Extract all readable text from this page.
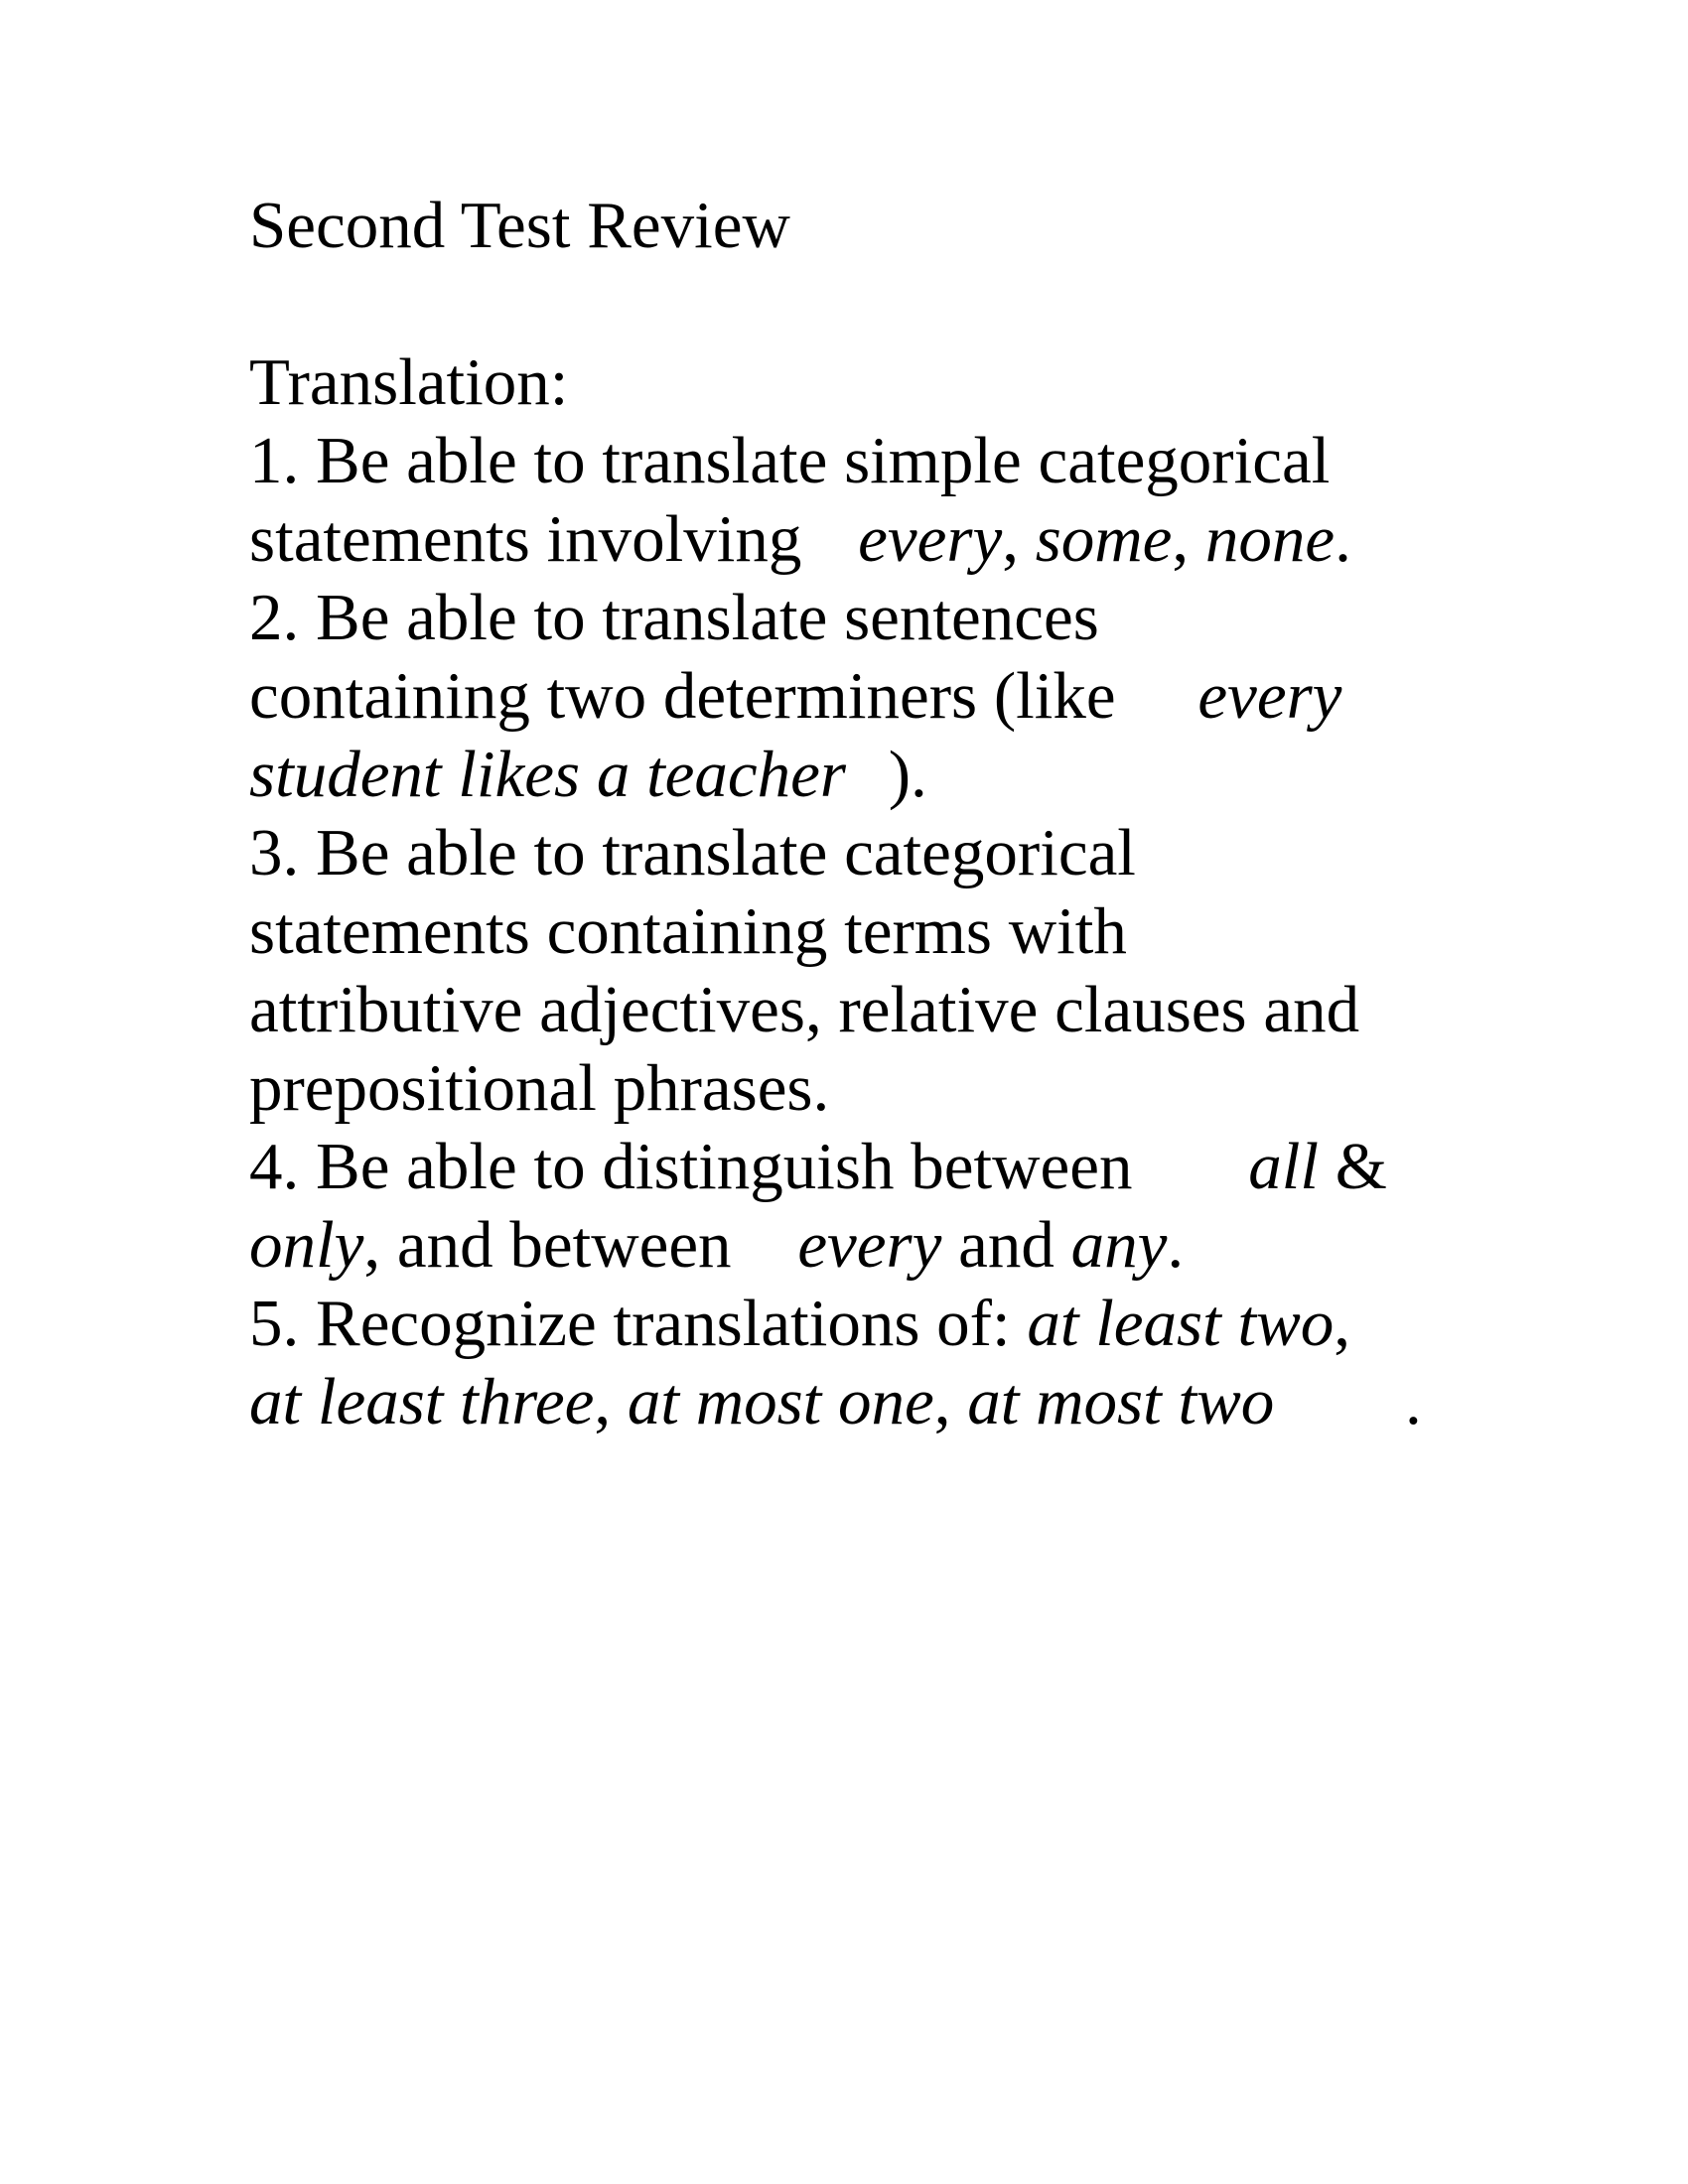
Second Test Review
Translation:
1. Be able to translate simple categorical
statements involving every, some, none.
2. Be able to translate sentences
containing two determiners (like every
student likes a teacher ).
3. Be able to translate categorical
statements containing terms with
attributive adjectives, relative clauses and
prepositional phrases.
4. Be able to distinguish between all &
only, and between every and any.
5. Recognize translations of: at least two,
at least three, at most one, at most two .
